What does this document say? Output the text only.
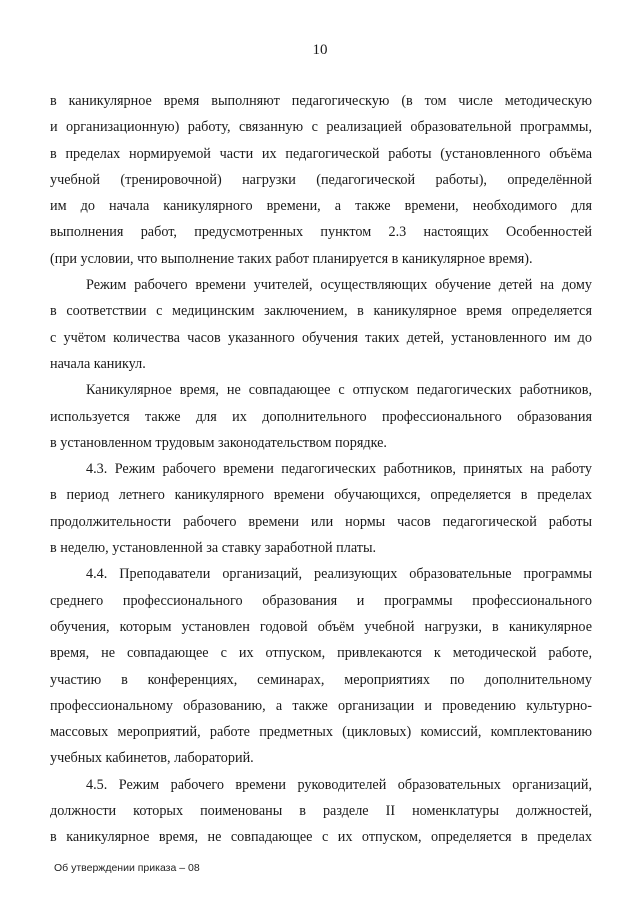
10
в каникулярное время выполняют педагогическую (в том числе методическую
и организационную) работу, связанную с реализацией образовательной программы,
в пределах нормируемой части их педагогической работы (установленного объёма
учебной (тренировочной) нагрузки (педагогической работы), определённой
им до начала каникулярного времени, а также времени, необходимого для
выполнения работ, предусмотренных пунктом 2.3 настоящих Особенностей
(при условии, что выполнение таких работ планируется в каникулярное время).
Режим рабочего времени учителей, осуществляющих обучение детей на дому
в соответствии с медицинским заключением, в каникулярное время определяется
с учётом количества часов указанного обучения таких детей, установленного им до
начала каникул.
Каникулярное время, не совпадающее с отпуском педагогических работников,
используется также для их дополнительного профессионального образования
в установленном трудовым законодательством порядке.
4.3. Режим рабочего времени педагогических работников, принятых на работу
в период летнего каникулярного времени обучающихся, определяется в пределах
продолжительности рабочего времени или нормы часов педагогической работы
в неделю, установленной за ставку заработной платы.
4.4. Преподаватели организаций, реализующих образовательные программы
среднего профессионального образования и программы профессионального
обучения, которым установлен годовой объём учебной нагрузки, в каникулярное
время, не совпадающее с их отпуском, привлекаются к методической работе,
участию в конференциях, семинарах, мероприятиях по дополнительному
профессиональному образованию, а также организации и проведению культурно-
массовых мероприятий, работе предметных (цикловых) комиссий, комплектованию
учебных кабинетов, лабораторий.
4.5. Режим рабочего времени руководителей образовательных организаций,
должности которых поименованы в разделе II номенклатуры должностей,
в каникулярное время, не совпадающее с их отпуском, определяется в пределах
Об утверждении приказа – 08
